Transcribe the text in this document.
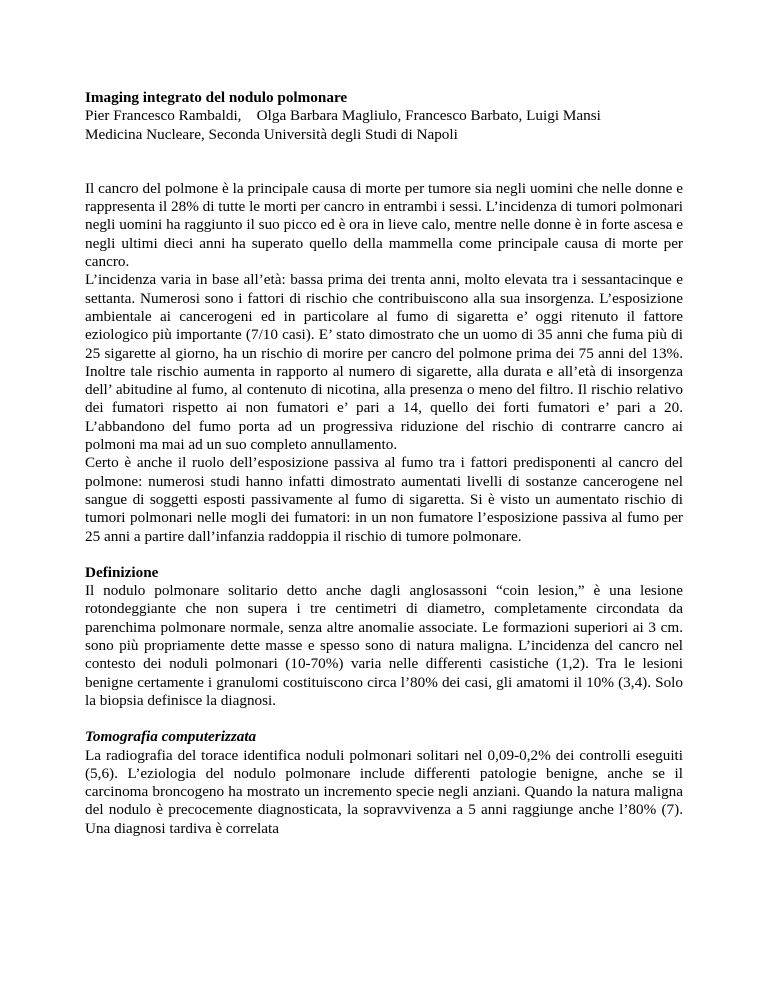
Imaging integrato del nodulo polmonare
Pier Francesco Rambaldi,    Olga Barbara Magliulo, Francesco Barbato, Luigi Mansi
Medicina Nucleare, Seconda Università degli Studi di Napoli

Il cancro del polmone è la principale causa di morte per tumore sia negli uomini che nelle donne e rappresenta il 28% di tutte le morti per cancro in entrambi i sessi. L’incidenza di tumori polmonari negli uomini ha raggiunto il suo picco ed è ora in lieve calo, mentre nelle donne è in forte ascesa e negli ultimi dieci anni ha superato quello della mammella come principale causa di morte per cancro.

L’incidenza varia in base all’età: bassa prima dei trenta anni, molto elevata tra i sessantacinque e settanta. Numerosi sono i fattori di rischio che contribuiscono alla sua insorgenza. L’esposizione ambientale ai cancerogeni ed in particolare al fumo di sigaretta e’ oggi ritenuto il fattore eziologico più importante (7/10 casi). E’ stato dimostrato che un uomo di 35 anni che fuma più di 25 sigarette al giorno, ha un rischio di morire per cancro del polmone prima dei 75 anni del 13%. Inoltre tale rischio aumenta in rapporto al numero di sigarette, alla durata e all’età di insorgenza dell’ abitudine al fumo, al contenuto di nicotina, alla presenza o meno del filtro. Il rischio relativo dei fumatori rispetto ai non fumatori e’ pari a 14, quello dei forti fumatori e’ pari a 20. L’abbandono del fumo porta ad un progressiva riduzione del rischio di contrarre cancro ai polmoni ma mai ad un suo completo annullamento.

Certo è anche il ruolo dell’esposizione passiva al fumo tra i fattori predisponenti al cancro del polmone: numerosi studi hanno infatti dimostrato aumentati livelli di sostanze cancerogene nel sangue di soggetti esposti passivamente al fumo di sigaretta. Si è visto un aumentato rischio di tumori polmonari nelle mogli dei fumatori: in un non fumatore l’esposizione passiva al fumo per 25 anni a partire dall’infanzia raddoppia il rischio di tumore polmonare.

Definizione

Il nodulo polmonare solitario detto anche dagli anglosassoni “coin lesion,” è una lesione rotondeggiante che non supera i tre centimetri di diametro, completamente circondata da parenchima polmonare normale, senza altre anomalie associate. Le formazioni superiori ai 3 cm. sono più propriamente dette masse e spesso sono di natura maligna. L’incidenza del cancro nel contesto dei noduli polmonari (10-70%) varia nelle differenti casistiche (1,2). Tra le lesioni benigne certamente i granulomi costituiscono circa l’80% dei casi, gli amatomi il 10% (3,4). Solo la biopsia definisce la diagnosi.

Tomografia computerizzata

La radiografia del torace identifica noduli polmonari solitari nel 0,09-0,2% dei controlli eseguiti (5,6). L’eziologia del nodulo polmonare include differenti patologie benigne, anche se il carcinoma broncogeno ha mostrato un incremento specie negli anziani. Quando la natura maligna del nodulo è precocemente diagnosticata, la sopravvivenza a 5 anni raggiunge anche l’80% (7). Una diagnosi tardiva è correlata
